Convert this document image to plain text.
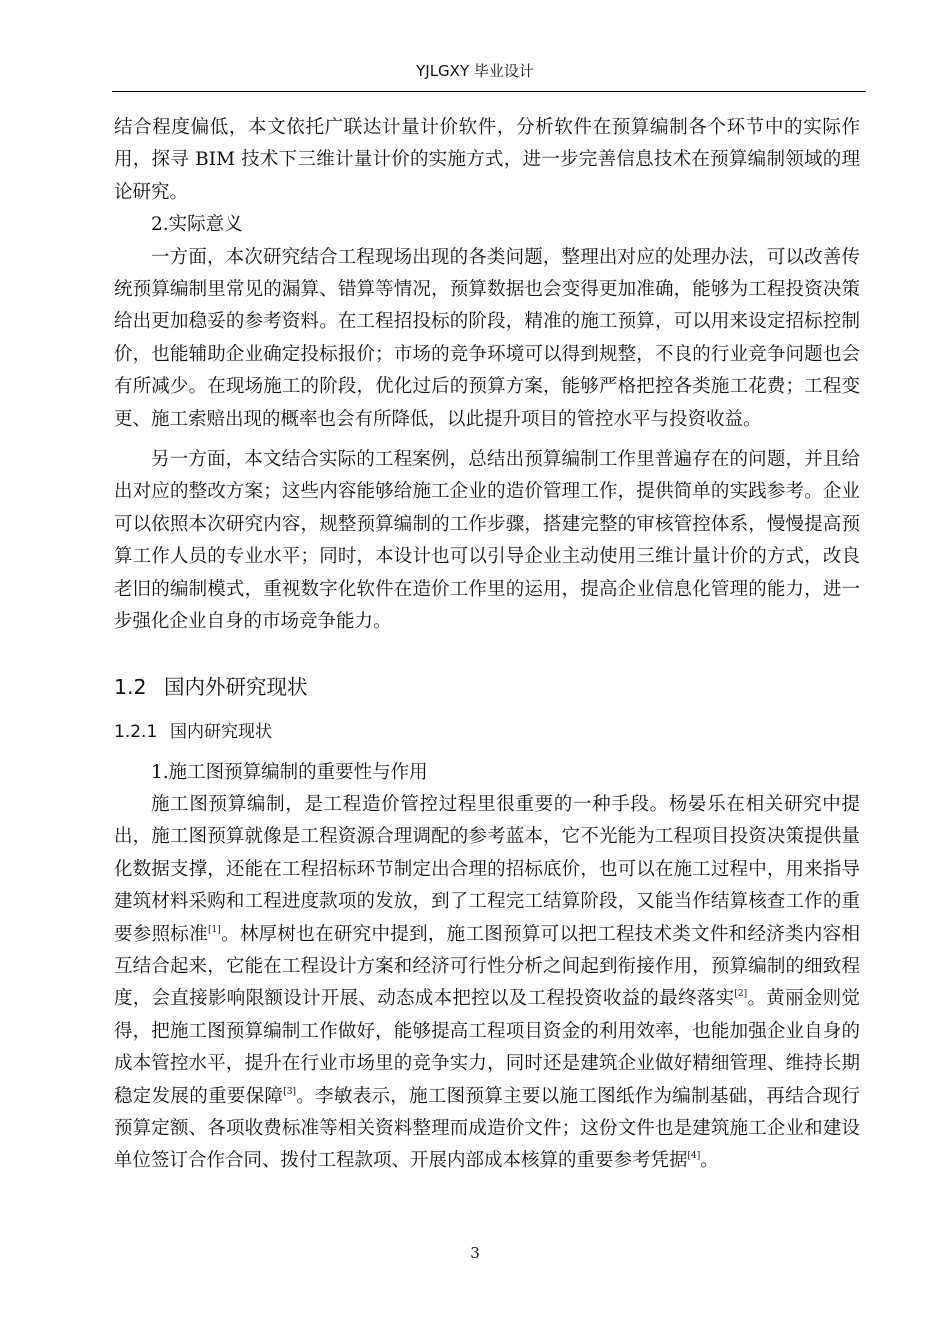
YJLGXY 毕业设计

结合程度偏低，本文依托广联达计量计价软件，分析软件在预算编制各个环节中的实际作用，探寻 BIM 技术下三维计量计价的实施方式，进一步完善信息技术在预算编制领域的理论研究。

2.实际意义

一方面，本次研究结合工程现场出现的各类问题，整理出对应的处理办法，可以改善传统预算编制里常见的漏算、错算等情况，预算数据也会变得更加准确，能够为工程投资决策给出更加稳妥的参考资料。在工程招投标的阶段，精准的施工预算，可以用来设定招标控制价，也能辅助企业确定投标报价；市场的竞争环境可以得到规整，不良的行业竞争问题也会有所减少。在现场施工的阶段，优化过后的预算方案，能够严格把控各类施工花费；工程变更、施工索赔出现的概率也会有所降低，以此提升项目的管控水平与投资收益。

另一方面，本文结合实际的工程案例，总结出预算编制工作里普遍存在的问题，并且给出对应的整改方案；这些内容能够给施工企业的造价管理工作，提供简单的实践参考。企业可以依照本次研究内容，规整预算编制的工作步骤，搭建完整的审核管控体系，慢慢提高预算工作人员的专业水平；同时，本设计也可以引导企业主动使用三维计量计价的方式，改良老旧的编制模式，重视数字化软件在造价工作里的运用，提高企业信息化管理的能力，进一步强化企业自身的市场竞争能力。

1.2 国内外研究现状
1.2.1 国内研究现状

1.施工图预算编制的重要性与作用

施工图预算编制，是工程造价管控过程里很重要的一种手段。杨晏乐在相关研究中提出，施工图预算就像是工程资源合理调配的参考蓝本，它不光能为工程项目投资决策提供量化数据支撑，还能在工程招标环节制定出合理的招标底价，也可以在施工过程中，用来指导建筑材料采购和工程进度款项的发放，到了工程完工结算阶段，又能当作结算核查工作的重要参照标准[1]。林厚树也在研究中提到，施工图预算可以把工程技术类文件和经济类内容相互结合起来，它能在工程设计方案和经济可行性分析之间起到衔接作用，预算编制的细致程度，会直接影响限额设计开展、动态成本把控以及工程投资收益的最终落实[2]。黄丽金则觉得，把施工图预算编制工作做好，能够提高工程项目资金的利用效率，也能加强企业自身的成本管控水平，提升在行业市场里的竞争实力，同时还是建筑企业做好精细管理、维持长期稳定发展的重要保障[3]。李敏表示，施工图预算主要以施工图纸作为编制基础，再结合现行预算定额、各项收费标准等相关资料整理而成造价文件；这份文件也是建筑施工企业和建设单位签订合作合同、拨付工程款项、开展内部成本核算的重要参考凭据[4]。

3
